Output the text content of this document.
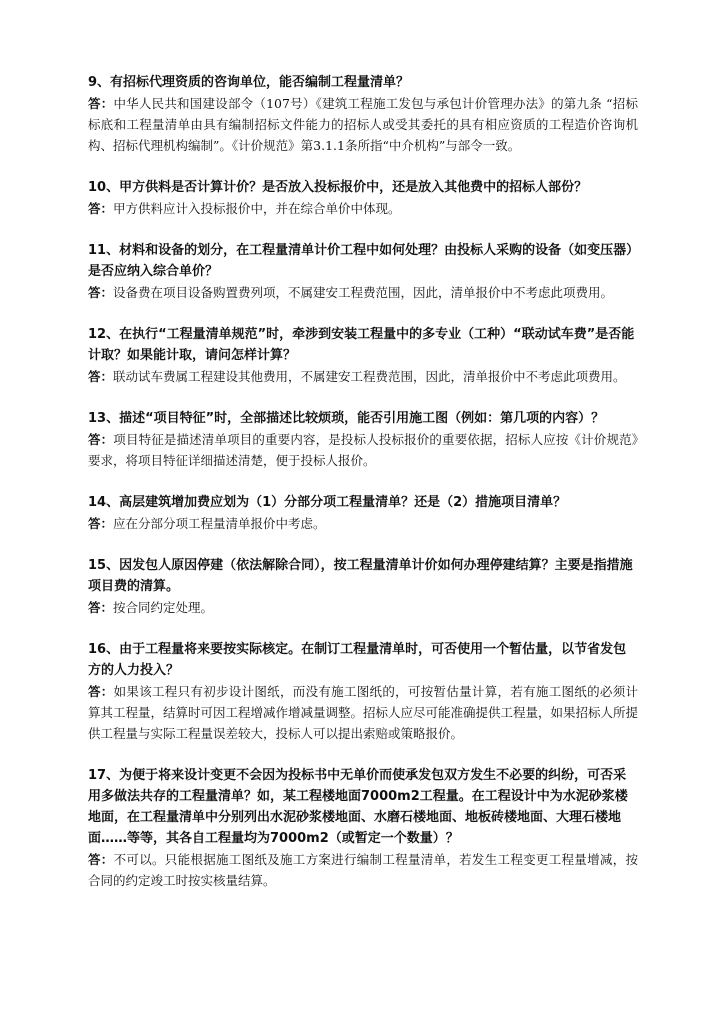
9、有招标代理资质的咨询单位，能否编制工程量清单？

答：中华人民共和国建设部令（107号）《建筑工程施工发包与承包计价管理办法》的第九条 “招标标底和工程量清单由具有编制招标文件能力的招标人或受其委托的具有相应资质的工程造价咨询机构、招标代理机构编制”。《计价规范》第3.1.1条所指“中介机构”与部令一致。

10、甲方供料是否计算计价？是否放入投标报价中，还是放入其他费中的招标人部份？

答：甲方供料应计入投标报价中，并在综合单价中体现。

11、材料和设备的划分，在工程量清单计价工程中如何处理？由投标人采购的设备（如变压器）是否应纳入综合单价？

答：设备费在项目设备购置费列项，不属建安工程费范围，因此，清单报价中不考虑此项费用。

12、在执行“工程量清单规范”时，牵涉到安装工程量中的多专业（工种）“联动试车费”是否能计取？如果能计取，请问怎样计算？

答：联动试车费属工程建设其他费用，不属建安工程费范围，因此，清单报价中不考虑此项费用。

13、描述“项目特征”时，全部描述比较烦琐，能否引用施工图（例如：第几项的内容）？

答：项目特征是描述清单项目的重要内容，是投标人投标报价的重要依据，招标人应按《计价规范》要求，将项目特征详细描述清楚，便于投标人报价。

14、高层建筑增加费应划为（1）分部分项工程量清单？还是（2）措施项目清单？

答：应在分部分项工程量清单报价中考虑。

15、因发包人原因停建（依法解除合同），按工程量清单计价如何办理停建结算？主要是指措施项目费的清算。

答：按合同约定处理。

16、由于工程量将来要按实际核定。在制订工程量清单时，可否使用一个暂估量，以节省发包方的人力投入？

答：如果该工程只有初步设计图纸，而没有施工图纸的，可按暂估量计算，若有施工图纸的必须计算其工程量，结算时可因工程增减作增减量调整。招标人应尽可能准确提供工程量，如果招标人所提供工程量与实际工程量误差较大，投标人可以提出索赔或策略报价。

17、为便于将来设计变更不会因为投标书中无单价而使承发包双方发生不必要的纠纷，可否采用多做法共存的工程量清单？如，某工程楼地面7000m2工程量。在工程设计中为水泥砂浆楼地面，在工程量清单中分别列出水泥砂浆楼地面、水磨石楼地面、地板砖楼地面、大理石楼地面……等等，其各自工程量均为7000m2（或暂定一个数量）？

答：不可以。只能根据施工图纸及施工方案进行编制工程量清单，若发生工程变更工程量增减，按合同的约定竣工时按实核量结算。
